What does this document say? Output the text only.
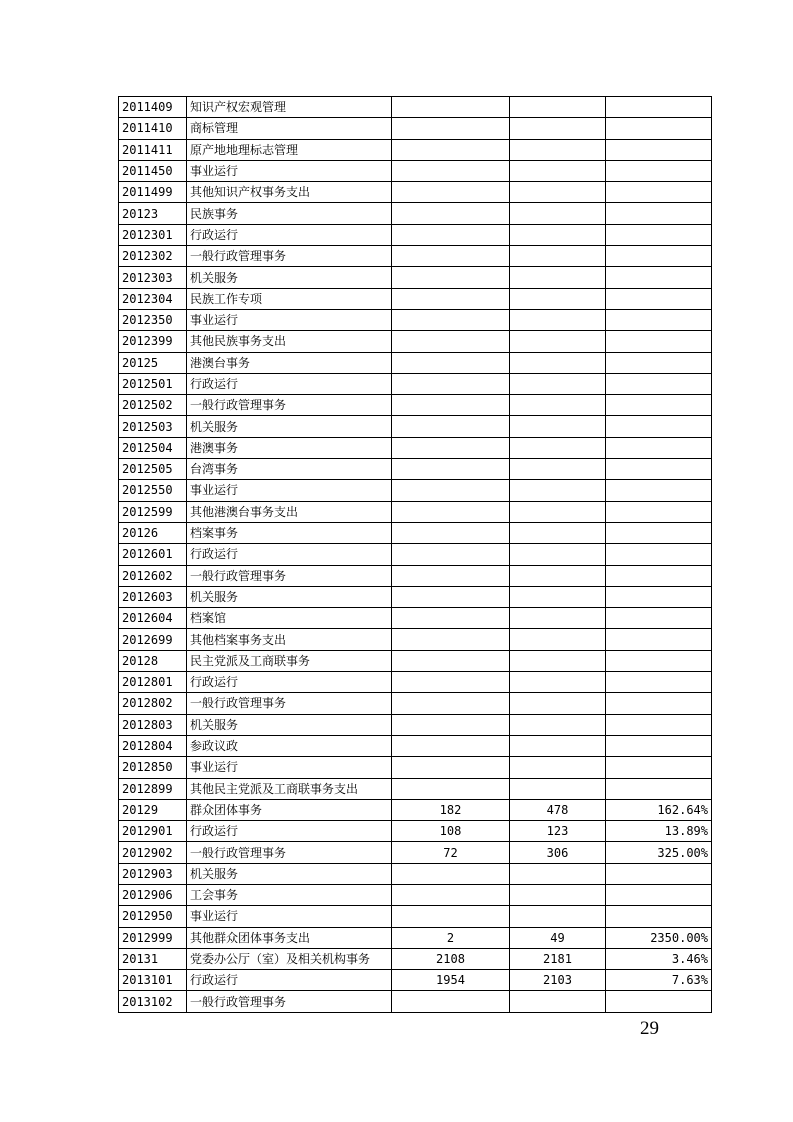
2011409	知识产权宏观管理			
2011410	商标管理			
2011411	原产地地理标志管理			
2011450	事业运行			
2011499	其他知识产权事务支出			
20123	民族事务			
2012301	行政运行			
2012302	一般行政管理事务			
2012303	机关服务			
2012304	民族工作专项			
2012350	事业运行			
2012399	其他民族事务支出			
20125	港澳台事务			
2012501	行政运行			
2012502	一般行政管理事务			
2012503	机关服务			
2012504	港澳事务			
2012505	台湾事务			
2012550	事业运行			
2012599	其他港澳台事务支出			
20126	档案事务			
2012601	行政运行			
2012602	一般行政管理事务			
2012603	机关服务			
2012604	档案馆			
2012699	其他档案事务支出			
20128	民主党派及工商联事务			
2012801	行政运行			
2012802	一般行政管理事务			
2012803	机关服务			
2012804	参政议政			
2012850	事业运行			
2012899	其他民主党派及工商联事务支出			
20129	群众团体事务	182	478	162.64%
2012901	行政运行	108	123	13.89%
2012902	一般行政管理事务	72	306	325.00%
2012903	机关服务			
2012906	工会事务			
2012950	事业运行			
2012999	其他群众团体事务支出	2	49	2350.00%
20131	党委办公厅（室）及相关机构事务	2108	2181	3.46%
2013101	行政运行	1954	2103	7.63%
2013102	一般行政管理事务			
29
